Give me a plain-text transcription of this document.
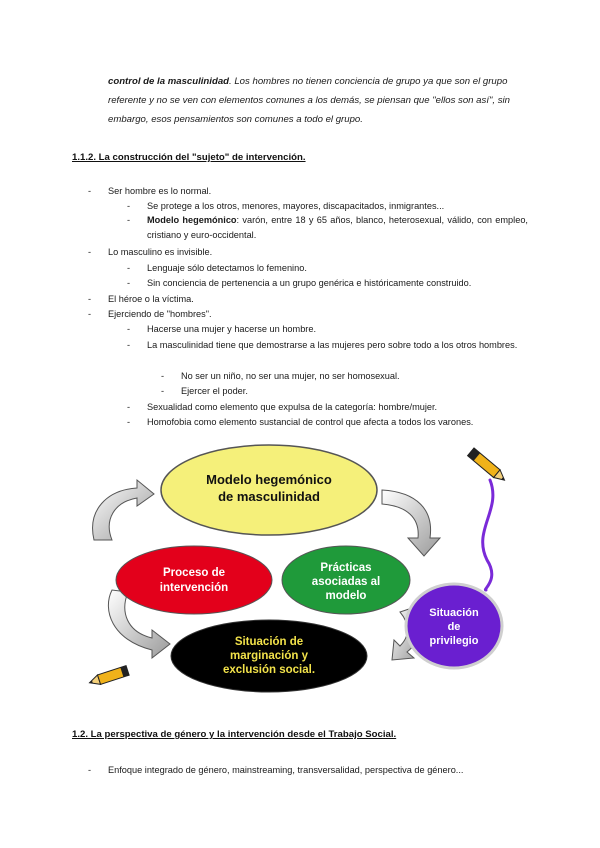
control de la masculinidad. Los hombres no tienen conciencia de grupo ya que son el grupo referente y no se ven con elementos comunes a los demás, se piensan que "ellos son así", sin embargo, esos pensamientos son comunes a todo el grupo.
1.1.2. La construcción del "sujeto" de intervención.
- Ser hombre es lo normal.
- Se protege a los otros, menores, mayores, discapacitados, inmigrantes...
- Modelo hegemónico: varón, entre 18 y 65 años, blanco, heterosexual, válido, con empleo, cristiano y euro-occidental.
- Lo masculino es invisible.
- Lenguaje sólo detectamos lo femenino.
- Sin conciencia de pertenencia a un grupo genérica e históricamente construido.
- El héroe o la víctima.
- Ejerciendo de "hombres".
- Hacerse una mujer y hacerse un hombre.
- La masculinidad tiene que demostrarse a las mujeres pero sobre todo a los otros hombres.
- No ser un niño, no ser una mujer, no ser homosexual.
- Ejercer el poder.
- Sexualidad como elemento que expulsa de la categoría: hombre/mujer.
- Homofobia como elemento sustancial de control que afecta a todos los varones.
Modelo hegemónico
de masculinidad
Proceso de
intervención
Prácticas
asociadas al
modelo
Situación de
marginación y
exclusión social.
Situación
de
privilegio
1.2. La perspectiva de género y la intervención desde el Trabajo Social.
- Enfoque integrado de género, mainstreaming, transversalidad, perspectiva de género...
